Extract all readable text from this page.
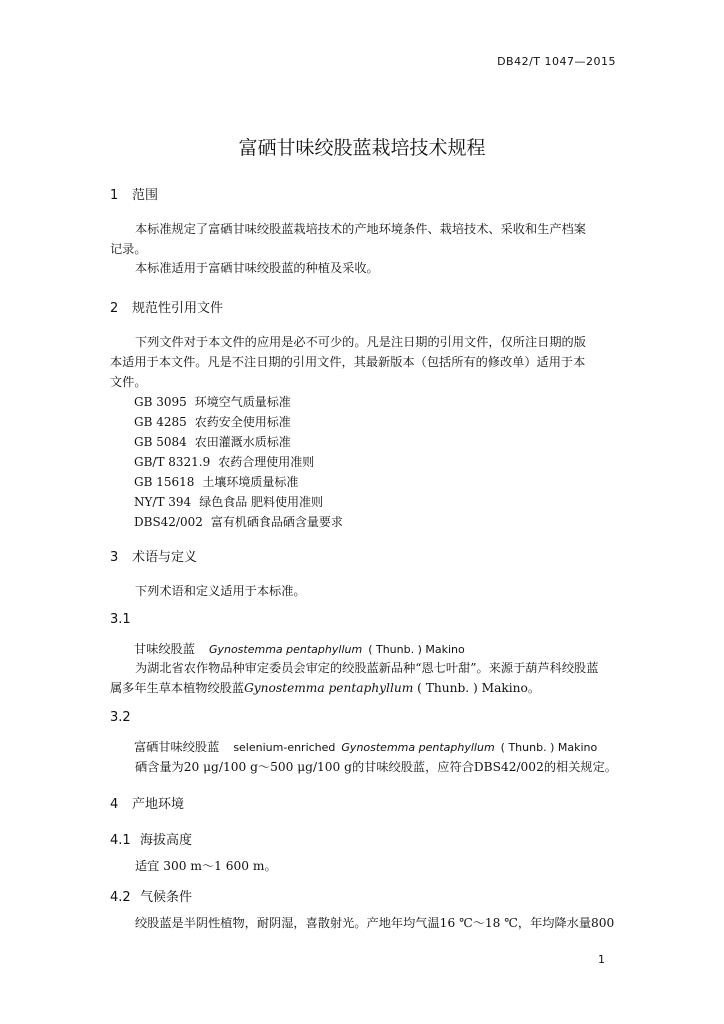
DB42/T 1047—2015
富硒甘味绞股蓝栽培技术规程
1 范围
本标准规定了富硒甘味绞股蓝栽培技术的产地环境条件、栽培技术、采收和生产档案
记录。
本标准适用于富硒甘味绞股蓝的种植及采收。
2 规范性引用文件
下列文件对于本文件的应用是必不可少的。凡是注日期的引用文件，仅所注日期的版
本适用于本文件。凡是不注日期的引用文件，其最新版本（包括所有的修改单）适用于本
文件。
GB 3095 环境空气质量标准
GB 4285 农药安全使用标准
GB 5084 农田灌溉水质标准
GB/T 8321.9 农药合理使用准则
GB 15618 土壤环境质量标准
NY/T 394 绿色食品 肥料使用准则
DBS42/002 富有机硒食品硒含量要求
3 术语与定义
下列术语和定义适用于本标准。
3.1
甘味绞股蓝 Gynostemma pentaphyllum ( Thunb. ) Makino
为湖北省农作物品种审定委员会审定的绞股蓝新品种“恩七叶甜”。来源于葫芦科绞股蓝
属多年生草本植物绞股蓝Gynostemma pentaphyllum ( Thunb. ) Makino。
3.2
富硒甘味绞股蓝 selenium-enriched Gynostemma pentaphyllum ( Thunb. ) Makino
硒含量为20 μg/100 g～500 μg/100 g的甘味绞股蓝，应符合DBS42/002的相关规定。
4 产地环境
4.1 海拔高度
适宜 300 m～1 600 m。
4.2 气候条件
绞股蓝是半阴性植物，耐阴湿，喜散射光。产地年均气温16 ℃～18 ℃，年均降水量800
1
